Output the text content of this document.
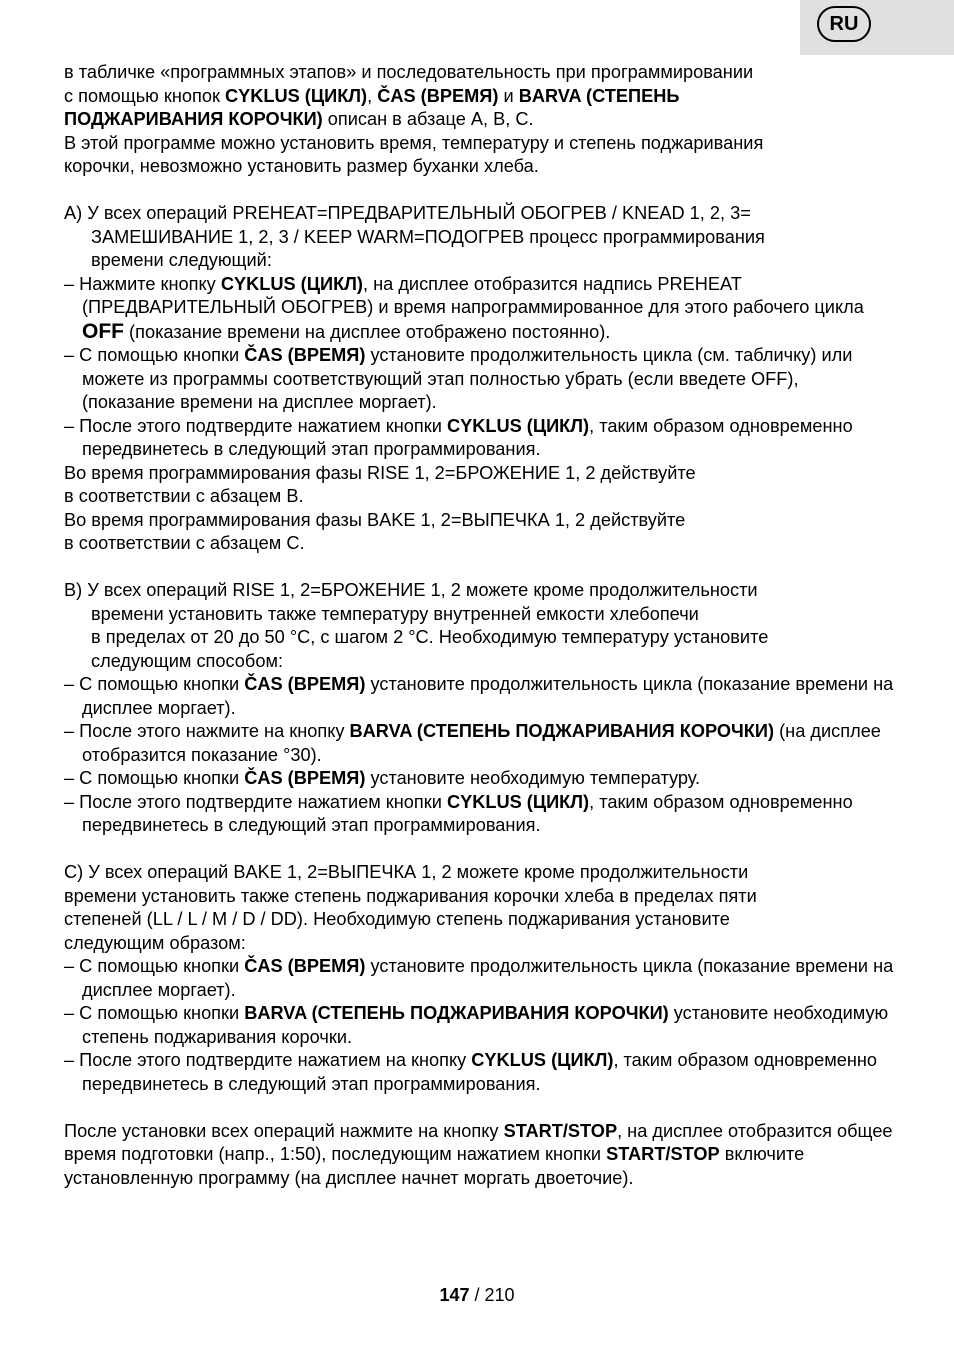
RU

в табличке «программных этапов» и последовательность при программировании

с помощью кнопок CYKLUS (ЦИКЛ), ČAS (ВРЕМЯ) и BARVA (СТЕПЕНЬ

ПОДЖАРИВАНИЯ КОРОЧКИ) описан в абзаце А, В, С.

В этой программе можно установить время, температуру и степень поджаривания

корочки, невозможно установить размер буханки хлеба.

A) У всех операций PREHEAT=ПРЕДВАРИТЕЛЬНЫЙ ОБОГРЕВ / KNEAD 1, 2, 3=

ЗАМЕШИВАНИЕ 1, 2, 3 / KEEP WARM=ПОДОГРЕВ процесс программирования

времени следующий:

– Нажмите кнопку CYKLUS (ЦИКЛ), на дисплее отобразится надпись PREHEAT (ПРЕДВАРИТЕЛЬНЫЙ ОБОГРЕВ) и время напрограммированное для этого рабочего цикла OFF (показание времени на дисплее отображено постоянно).

– С помощью кнопки ČAS (ВРЕМЯ) установите продолжительность цикла (см. табличку) или можете из программы соответствующий этап полностью убрать (если введете OFF), (показание времени на дисплее моргает).

– После этого подтвердите нажатием кнопки CYKLUS (ЦИКЛ), таким образом одновременно передвинетесь в следующий этап программирования.

Во время программирования фазы RISE 1, 2=БРОЖЕНИЕ 1, 2 действуйте

в соответствии с абзацем B.

Во время программирования фазы BAKE 1, 2=ВЫПЕЧКА 1, 2 действуйте

в соответствии с абзацем C.

B) У всех операций RISE 1, 2=БРОЖЕНИЕ 1, 2 можете кроме продолжительности

времени установить также температуру внутренней емкости хлебопечи

в пределах от 20 до 50 °C, с шагом 2 °C. Необходимую температуру установите

следующим способом:

– С помощью кнопки ČAS (ВРЕМЯ) установите продолжительность цикла (показание времени на дисплее моргает).

– После этого нажмите на кнопку BARVA (СТЕПЕНЬ ПОДЖАРИВАНИЯ КОРОЧКИ) (на дисплее отобразится показание °30).

– С помощью кнопки ČAS (ВРЕМЯ) установите необходимую температуру.

– После этого подтвердите нажатием кнопки CYKLUS (ЦИКЛ), таким образом одновременно передвинетесь в следующий этап программирования.

C) У всех операций BAKE 1, 2=ВЫПЕЧКА 1, 2 можете кроме продолжительности

времени установить также степень поджаривания корочки хлеба в пределах пяти

степеней (LL / L / M / D / DD). Необходимую степень поджаривания установите

следующим образом:

– С помощью кнопки ČAS (ВРЕМЯ) установите продолжительность цикла (показание времени на дисплее моргает).

– С помощью кнопки BARVA (СТЕПЕНЬ ПОДЖАРИВАНИЯ КОРОЧКИ) установите необходимую степень поджаривания корочки.

– После этого подтвердите нажатием на кнопку CYKLUS (ЦИКЛ), таким образом одновременно передвинетесь в следующий этап программирования.

После установки всех операций нажмите на кнопку START/STOP, на дисплее отобразится общее время подготовки (напр., 1:50), последующим нажатием кнопки START/STOP включите установленную программу (на дисплее начнет моргать двоеточие).

147 / 210
